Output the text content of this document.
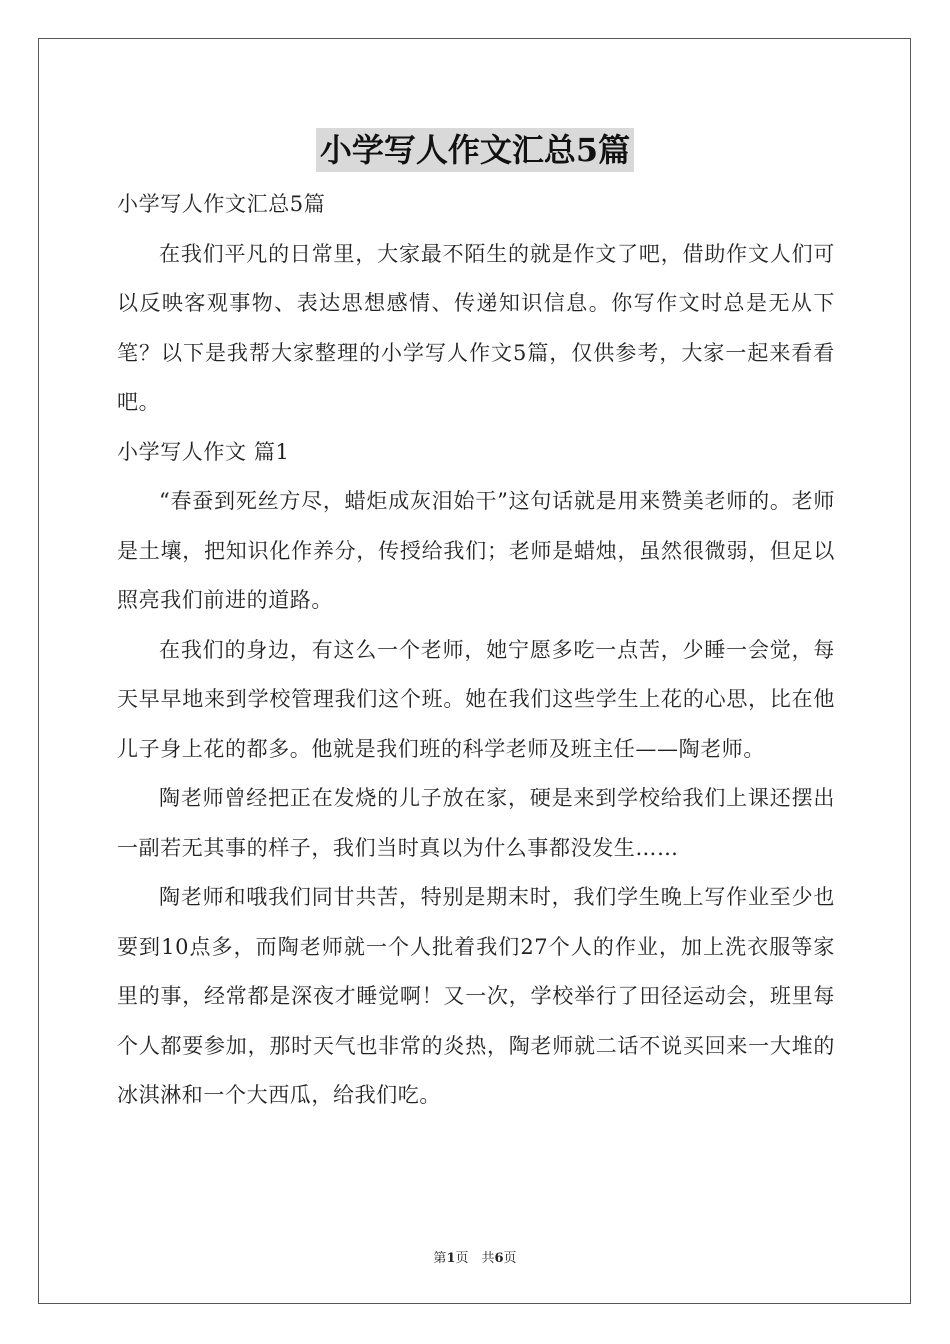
小学写人作文汇总5篇
小学写人作文汇总5篇

在我们平凡的日常里，大家最不陌生的就是作文了吧，借助作文人们可以反映客观事物、表达思想感情、传递知识信息。你写作文时总是无从下笔？以下是我帮大家整理的小学写人作文5篇，仅供参考，大家一起来看看吧。

小学写人作文 篇1

“春蚕到死丝方尽，蜡炬成灰泪始干”这句话就是用来赞美老师的。老师是土壤，把知识化作养分，传授给我们；老师是蜡烛，虽然很微弱，但足以照亮我们前进的道路。

在我们的身边，有这么一个老师，她宁愿多吃一点苦，少睡一会觉，每天早早地来到学校管理我们这个班。她在我们这些学生上花的心思，比在他儿子身上花的都多。他就是我们班的科学老师及班主任——陶老师。

陶老师曾经把正在发烧的儿子放在家，硬是来到学校给我们上课还摆出一副若无其事的样子，我们当时真以为什么事都没发生……

陶老师和哦我们同甘共苦，特别是期末时，我们学生晚上写作业至少也要到10点多，而陶老师就一个人批着我们27个人的作业，加上洗衣服等家里的事，经常都是深夜才睡觉啊！又一次，学校举行了田径运动会，班里每个人都要参加，那时天气也非常的炎热，陶老师就二话不说买回来一大堆的冰淇淋和一个大西瓜，给我们吃。

第1页　共6页
